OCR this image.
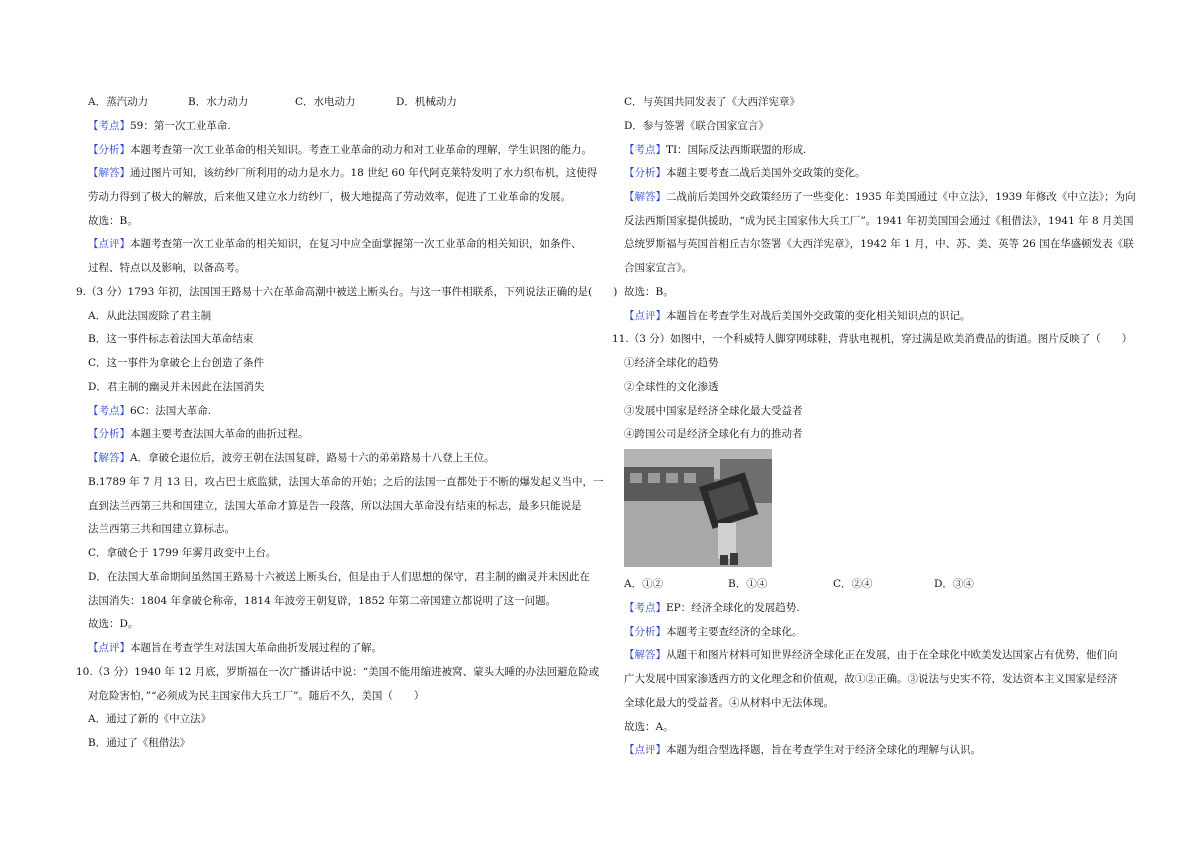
A．蒸汽动力	B．水力动力	C．水电动力	D．机械动力
【考点】59：第一次工业革命.
【分析】本题考查第一次工业革命的相关知识。考查工业革命的动力和对工业革命的理解，学生识图的能力。
【解答】通过图片可知，该纺纱厂所利用的动力是水力。18 世纪 60 年代阿克莱特发明了水力织布机，这使得
劳动力得到了极大的解放，后来他又建立水力纺纱厂，极大地提高了劳动效率，促进了工业革命的发展。
故选：B。
【点评】本题考查第一次工业革命的相关知识，在复习中应全面掌握第一次工业革命的相关知识，如条件、
过程、特点以及影响，以备高考。
9.（3 分）1793 年初，法国国王路易十六在革命高潮中被送上断头台。与这一事件相联系，下列说法正确的是(　　)
A．从此法国废除了君主制
B．这一事件标志着法国大革命结束
C．这一事件为拿破仑上台创造了条件
D．君主制的幽灵并未因此在法国消失
【考点】6C：法国大革命.
【分析】本题主要考查法国大革命的曲折过程。
【解答】A．拿破仑退位后，波旁王朝在法国复辟，路易十六的弟弟路易十八登上王位。
B.1789 年 7 月 13 日，攻占巴士底监狱，法国大革命的开始；之后的法国一直都处于不断的爆发起义当中，一
直到法兰西第三共和国建立，法国大革命才算是告一段落，所以法国大革命没有结束的标志，最多只能说是
法兰西第三共和国建立算标志。
C．拿破仑于 1799 年雾月政变中上台。
D．在法国大革命期间虽然国王路易十六被送上断头台，但是由于人们思想的保守，君主制的幽灵并未因此在
法国消失：1804 年拿破仑称帝，1814 年波旁王朝复辟，1852 年第二帝国建立都说明了这一问题。
故选：D。
【点评】本题旨在考查学生对法国大革命曲折发展过程的了解。
10.（3 分）1940 年 12 月底，罗斯福在一次广播讲话中说：“美国不能用缩进被窝、蒙头大睡的办法回避危险或
对危险害怕，”“必须成为民主国家伟大兵工厂”。随后不久，美国（　　）
A．通过了新的《中立法》
B．通过了《租借法》
C．与英国共同发表了《大西洋宪章》
D．参与签署《联合国家宣言》
【考点】TI：国际反法西斯联盟的形成.
【分析】本题主要考查二战后美国外交政策的变化。
【解答】二战前后美国外交政策经历了一些变化：1935 年美国通过《中立法》，1939 年修改《中立法》；为向
反法西斯国家提供援助，“成为民主国家伟大兵工厂”。1941 年初美国国会通过《租借法》，1941 年 8 月美国
总统罗斯福与英国首相丘吉尔签署《大西洋宪章》，1942 年 1 月，中、苏、美、英等 26 国在华盛顿发表《联
合国家宣言》。
故选：B。
【点评】本题旨在考查学生对战后美国外交政策的变化相关知识点的识记。
11.（3 分）如图中，一个科威特人脚穿网球鞋，背驮电视机，穿过满是欧美消费品的街道。图片反映了（　　）
①经济全球化的趋势
②全球性的文化渗透
③发展中国家是经济全球化最大受益者
④跨国公司是经济全球化有力的推动者
A．①②	B．①④	C．②④	D．③④
【考点】EP：经济全球化的发展趋势.
【分析】本题考主要查经济的全球化。
【解答】从题干和图片材料可知世界经济全球化正在发展，由于在全球化中欧美发达国家占有优势，他们向
广大发展中国家渗透西方的文化理念和价值观，故①②正确。③说法与史实不符，发达资本主义国家是经济
全球化最大的受益者。④从材料中无法体现。
故选：A。
【点评】本题为组合型选择题，旨在考查学生对于经济全球化的理解与认识。
